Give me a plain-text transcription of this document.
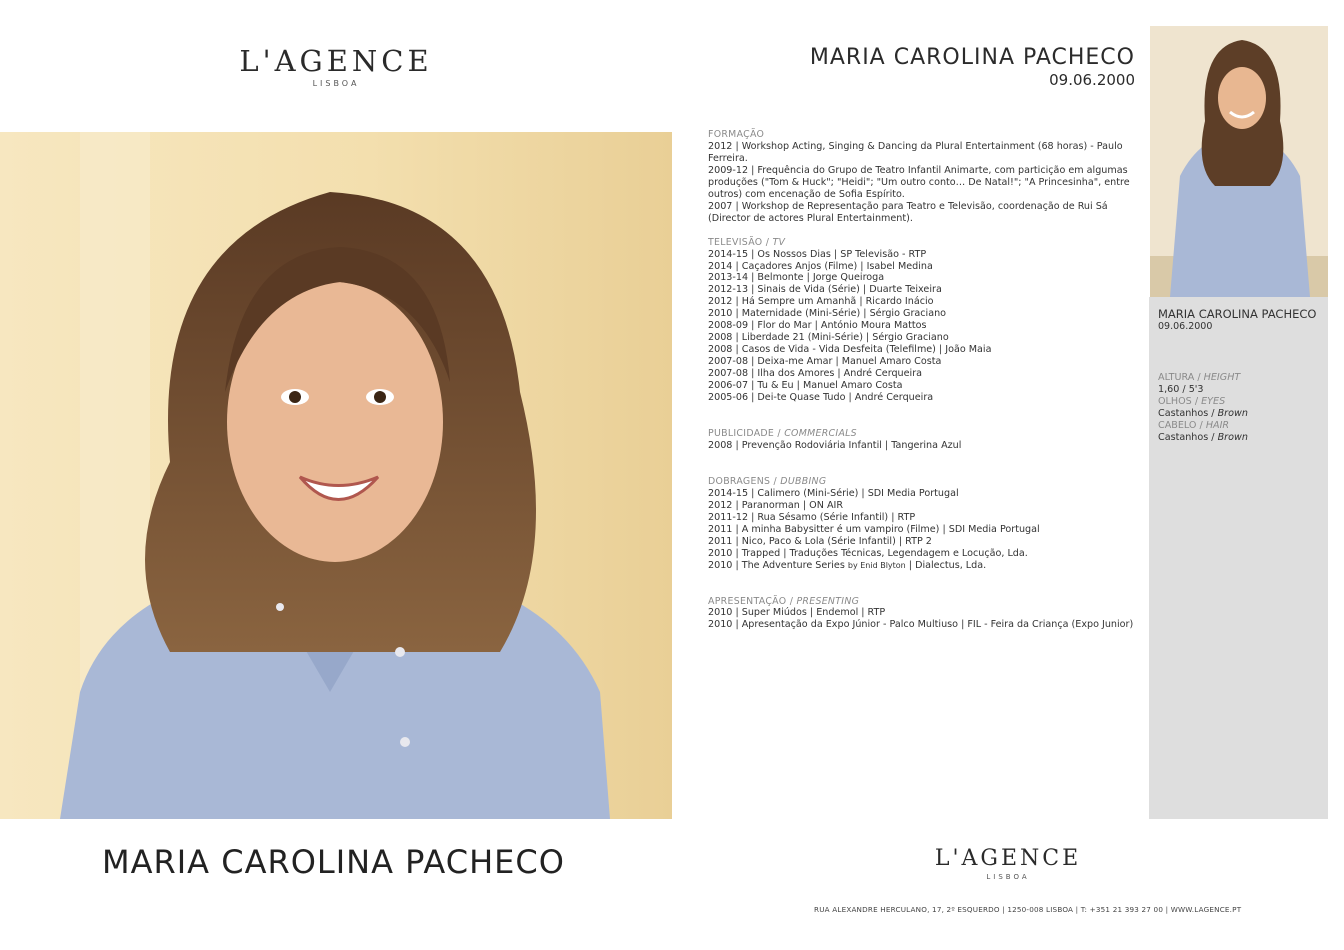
L'AGENCE
LISBOA
MARIA CAROLINA PACHECO
09.06.2000
MARIA CAROLINA PACHECO
09.06.2000
ALTURA / HEIGHT
1,60 / 5'3
OLHOS / EYES
Castanhos / Brown
CABELO / HAIR
Castanhos / Brown
FORMAÇÃO
2012 | Workshop Acting, Singing & Dancing da Plural Entertainment (68 horas) - Paulo Ferreira.
2009-12 | Frequência do Grupo de Teatro Infantil Animarte, com particição em algumas produções ("Tom & Huck"; "Heidi"; "Um outro conto… De Natal!"; "A Princesinha", entre outros) com encenação de Sofia Espírito.
2007 | Workshop de Representação para Teatro e Televisão, coordenação de Rui Sá (Director de actores Plural Entertainment).
TELEVISÃO / TV
2014-15 | Os Nossos Dias | SP Televisão - RTP
2014 | Caçadores Anjos (Filme) | Isabel Medina
2013-14 | Belmonte | Jorge Queiroga
2012-13 | Sinais de Vida (Série) | Duarte Teixeira
2012 | Há Sempre um Amanhã | Ricardo Inácio
2010 | Maternidade (Mini-Série) | Sérgio Graciano
2008-09 | Flor do Mar | António Moura Mattos
2008 | Liberdade 21 (Mini-Série) | Sérgio Graciano
2008 | Casos de Vida - Vida Desfeita (Telefilme) | João Maia
2007-08 | Deixa-me Amar | Manuel Amaro Costa
2007-08 | Ilha dos Amores | André Cerqueira
2006-07 | Tu & Eu | Manuel Amaro Costa
2005-06 | Dei-te Quase Tudo | André Cerqueira
PUBLICIDADE / COMMERCIALS
2008 | Prevenção Rodoviária Infantil | Tangerina Azul
DOBRAGENS / DUBBING
2014-15 | Calimero (Mini-Série) | SDI Media Portugal
2012 | Paranorman | ON AIR
2011-12 | Rua Sésamo (Série Infantil) | RTP
2011 | A minha Babysitter é um vampiro (Filme) | SDI Media Portugal
2011 | Nico, Paco & Lola (Série Infantil) | RTP 2
2010 | Trapped | Traduções Técnicas, Legendagem e Locução, Lda.
2010 | The Adventure Series by Enid Blyton | Dialectus, Lda.
APRESENTAÇÃO / PRESENTING
2010 | Super Miúdos | Endemol | RTP
2010 | Apresentação da Expo Júnior - Palco Multiuso | FIL - Feira da Criança (Expo Junior)
MARIA CAROLINA PACHECO	L'AGENCE
LISBOA
RUA ALEXANDRE HERCULANO, 17, 2º ESQUERDO | 1250-008 LISBOA | T: +351 21 393 27 00 | WWW.LAGENCE.PT
